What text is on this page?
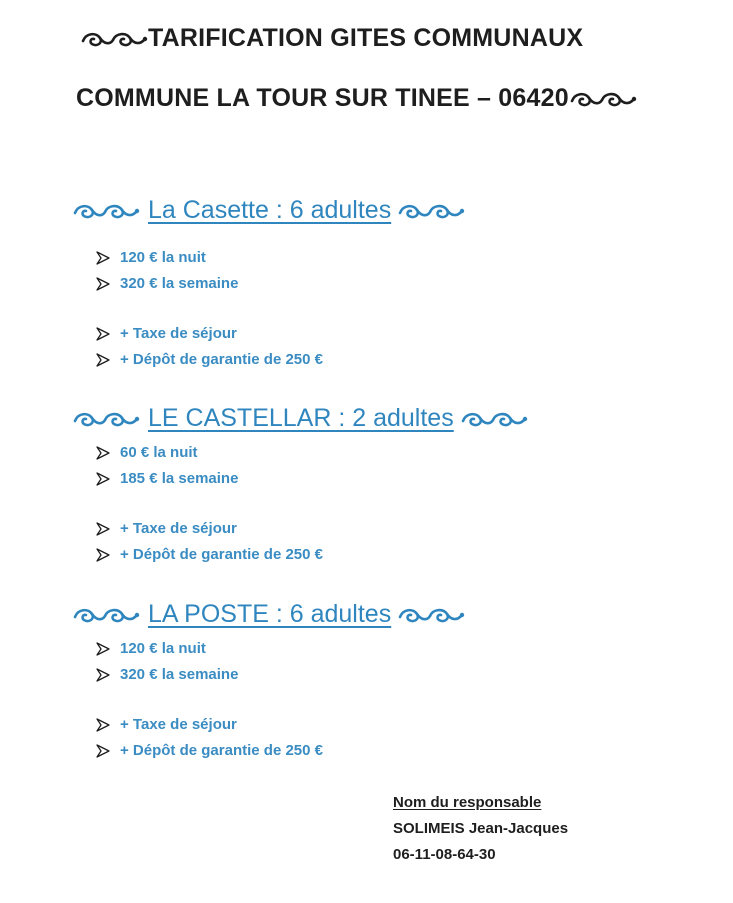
TARIFICATION GITES COMMUNAUX
COMMUNE LA TOUR SUR TINEE – 06420
La Casette : 6 adultes
120 € la nuit
320 € la semaine
+ Taxe de séjour
+ Dépôt de garantie de 250 €
LE CASTELLAR : 2 adultes
60 € la nuit
185 € la semaine
+ Taxe de séjour
+ Dépôt de garantie de 250 €
LA POSTE : 6 adultes
120 € la nuit
320 € la semaine
+ Taxe de séjour
+ Dépôt de garantie de 250 €
Nom du responsable
SOLIMEIS Jean-Jacques
06-11-08-64-30
